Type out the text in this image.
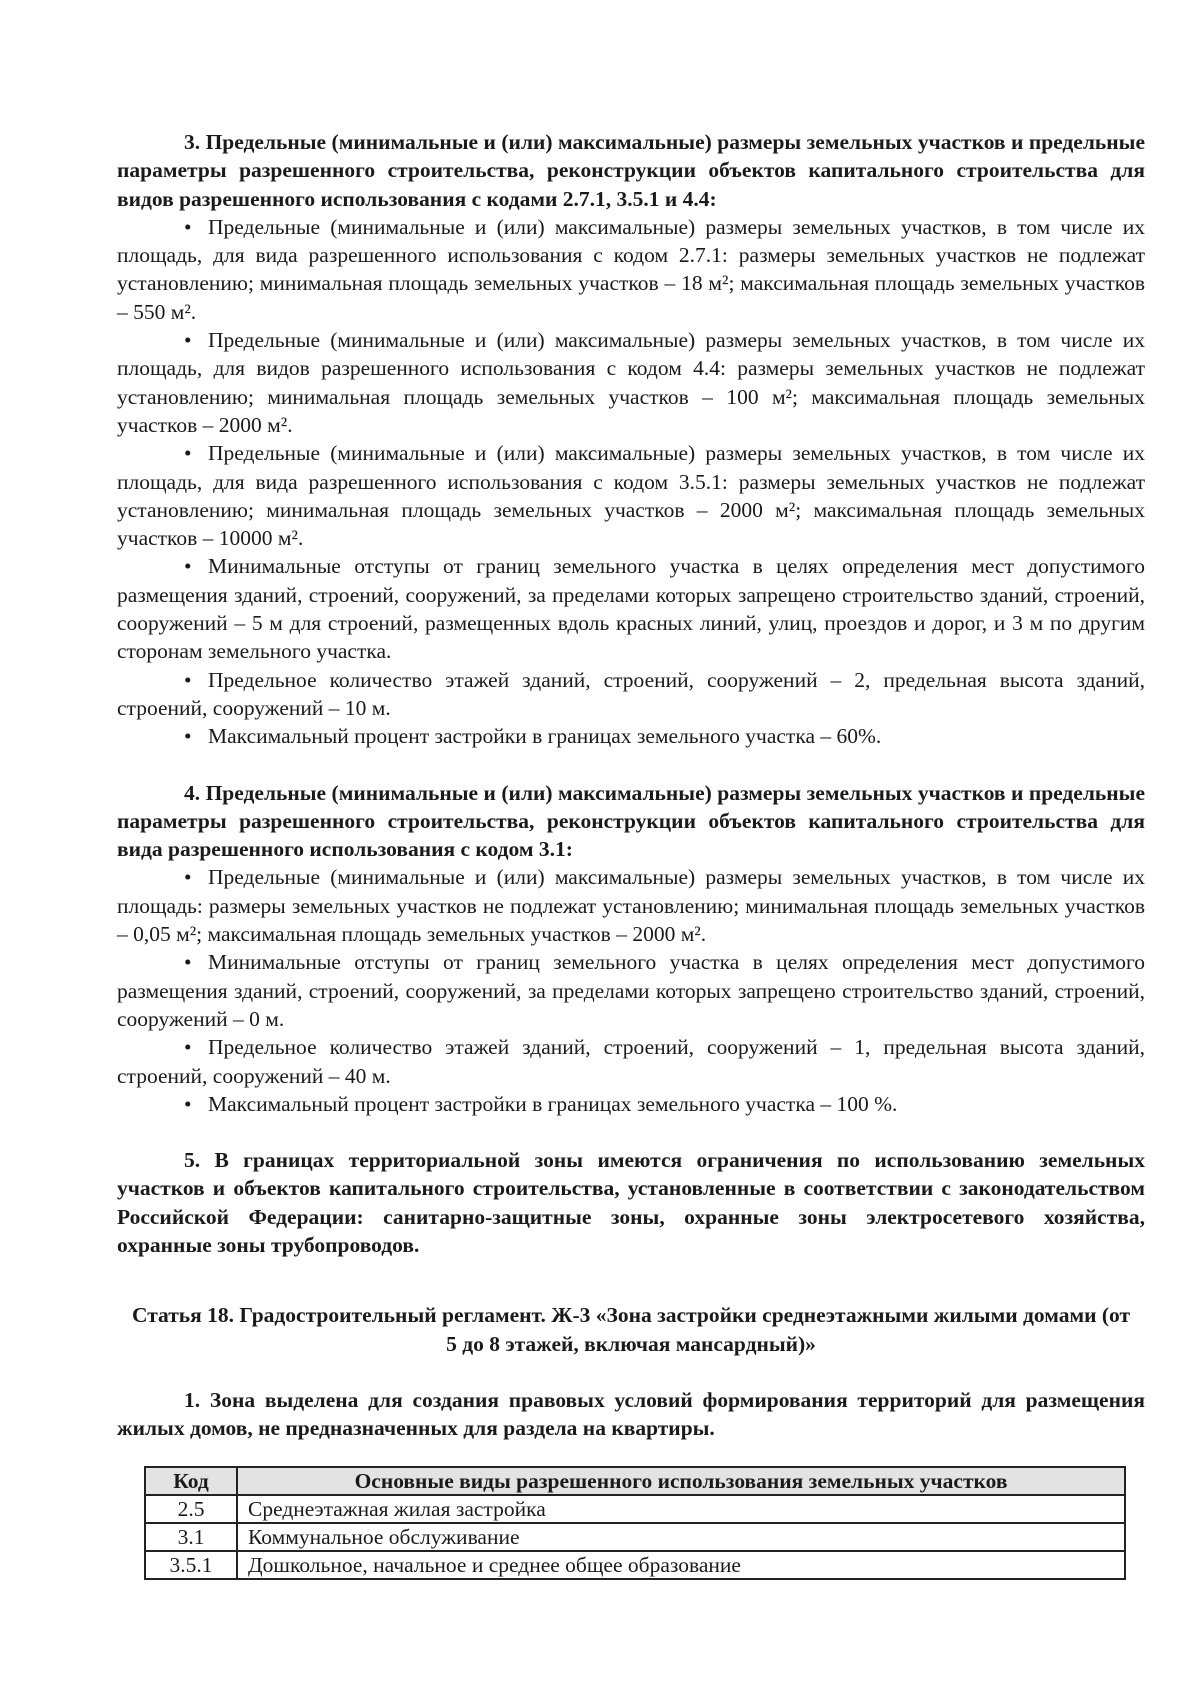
3. Предельные (минимальные и (или) максимальные) размеры земельных участков и предельные параметры разрешенного строительства, реконструкции объектов капитального строительства для видов разрешенного использования с кодами 2.7.1, 3.5.1 и 4.4:

• Предельные (минимальные и (или) максимальные) размеры земельных участков, в том числе их площадь, для вида разрешенного использования с кодом 2.7.1: размеры земельных участков не подлежат установлению; минимальная площадь земельных участков – 18 м²; максимальная площадь земельных участков – 550 м².

• Предельные (минимальные и (или) максимальные) размеры земельных участков, в том числе их площадь, для видов разрешенного использования с кодом 4.4: размеры земельных участков не подлежат установлению; минимальная площадь земельных участков – 100 м²; максимальная площадь земельных участков – 2000 м².

• Предельные (минимальные и (или) максимальные) размеры земельных участков, в том числе их площадь, для вида разрешенного использования с кодом 3.5.1: размеры земельных участков не подлежат установлению; минимальная площадь земельных участков – 2000 м²; максимальная площадь земельных участков – 10000 м².

• Минимальные отступы от границ земельного участка в целях определения мест допустимого размещения зданий, строений, сооружений, за пределами которых запрещено строительство зданий, строений, сооружений – 5 м для строений, размещенных вдоль красных линий, улиц, проездов и дорог, и 3 м по другим сторонам земельного участка.

• Предельное количество этажей зданий, строений, сооружений – 2, предельная высота зданий, строений, сооружений – 10 м.

• Максимальный процент застройки в границах земельного участка – 60%.

4. Предельные (минимальные и (или) максимальные) размеры земельных участков и предельные параметры разрешенного строительства, реконструкции объектов капитального строительства для вида разрешенного использования с кодом 3.1:

• Предельные (минимальные и (или) максимальные) размеры земельных участков, в том числе их площадь: размеры земельных участков не подлежат установлению; минимальная площадь земельных участков – 0,05 м²; максимальная площадь земельных участков – 2000 м².

• Минимальные отступы от границ земельного участка в целях определения мест допустимого размещения зданий, строений, сооружений, за пределами которых запрещено строительство зданий, строений, сооружений – 0 м.

• Предельное количество этажей зданий, строений, сооружений – 1, предельная высота зданий, строений, сооружений – 40 м.

• Максимальный процент застройки в границах земельного участка – 100 %.

5. В границах территориальной зоны имеются ограничения по использованию земельных участков и объектов капитального строительства, установленные в соответствии с законодательством Российской Федерации: санитарно-защитные зоны, охранные зоны электросетевого хозяйства, охранные зоны трубопроводов.

Статья 18. Градостроительный регламент. Ж-3 «Зона застройки среднеэтажными жилыми домами (от 5 до 8 этажей, включая мансардный)»

1. Зона выделена для создания правовых условий формирования территорий для размещения жилых домов, не предназначенных для раздела на квартиры.

Код	Основные виды разрешенного использования земельных участков
2.5	Среднеэтажная жилая застройка
3.1	Коммунальное обслуживание
3.5.1	Дошкольное, начальное и среднее общее образование
